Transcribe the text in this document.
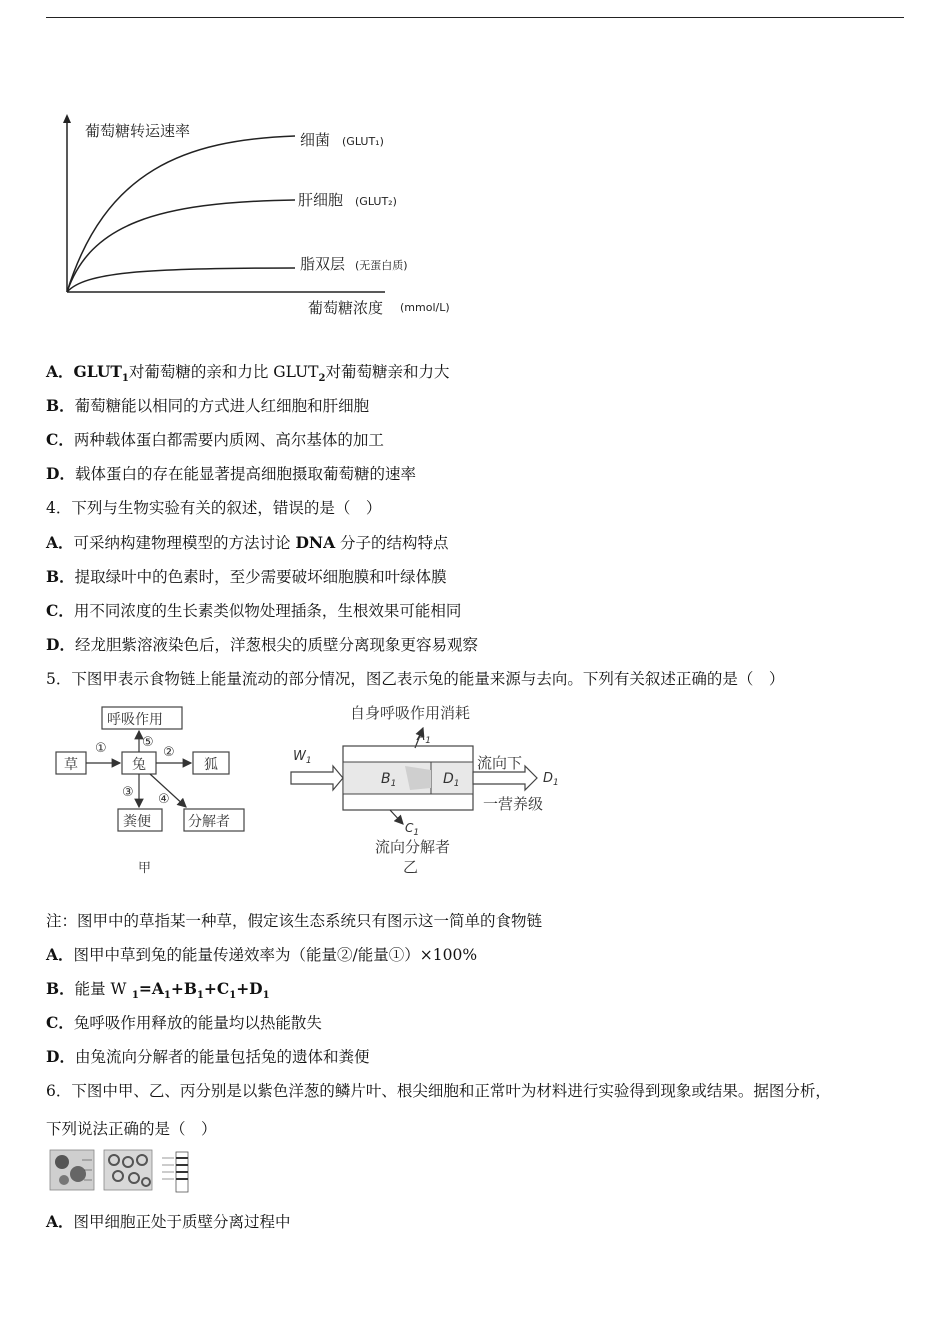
葡萄糖转运速率	细菌 (GLUT₁)
肝细胞 (GLUT₂)
脂双层 (无蛋白质)
葡萄糖浓度 (mmol/L)
A．$GLUT_1$对葡萄糖的亲和力比 $GLUT_2$对葡萄糖亲和力大
B．葡萄糖能以相同的方式进人红细胞和肝细胞
C．两种载体蛋白都需要内质网、高尔基体的加工
D．载体蛋白的存在能显著提高细胞摄取葡萄糖的速率
4．下列与生物实验有关的叙述，错误的是（　）
A．可采纳构建物理模型的方法讨论 DNA 分子的结构特点
B．提取绿叶中的色素时，至少需要破坏细胞膜和叶绿体膜
C．用不同浓度的生长素类似物处理插条，生根效果可能相同
D．经龙胆紫溶液染色后，洋葱根尖的质壁分离现象更容易观察
5．下图甲表示食物链上能量流动的部分情况，图乙表示兔的能量来源与去向。下列有关叙述正确的是（　）
呼吸作用
草	兔	狐
粪便	分解者
①	⑤
②
③ ④
甲
自身呼吸作用消耗
$A_1$
$B_1$	$D_1$
$W_1$	流向下
一营养级
$D_1$
$C_1$
流向分解者
乙
注：图甲中的草指某一种草，假定该生态系统只有图示这一简单的食物链
A．图甲中草到兔的能量传递效率为（能量②/能量①）×100%
B．能量 W $_1=A_1+B_1+C_1+D_1$
C．兔呼吸作用释放的能量均以热能散失
D．由兔流向分解者的能量包括兔的遗体和粪便
6．下图中甲、乙、丙分别是以紫色洋葱的鳞片叶、根尖细胞和正常叶为材料进行实验得到现象或结果。据图分析，
下列说法正确的是（　）
A．图甲细胞正处于质壁分离过程中
